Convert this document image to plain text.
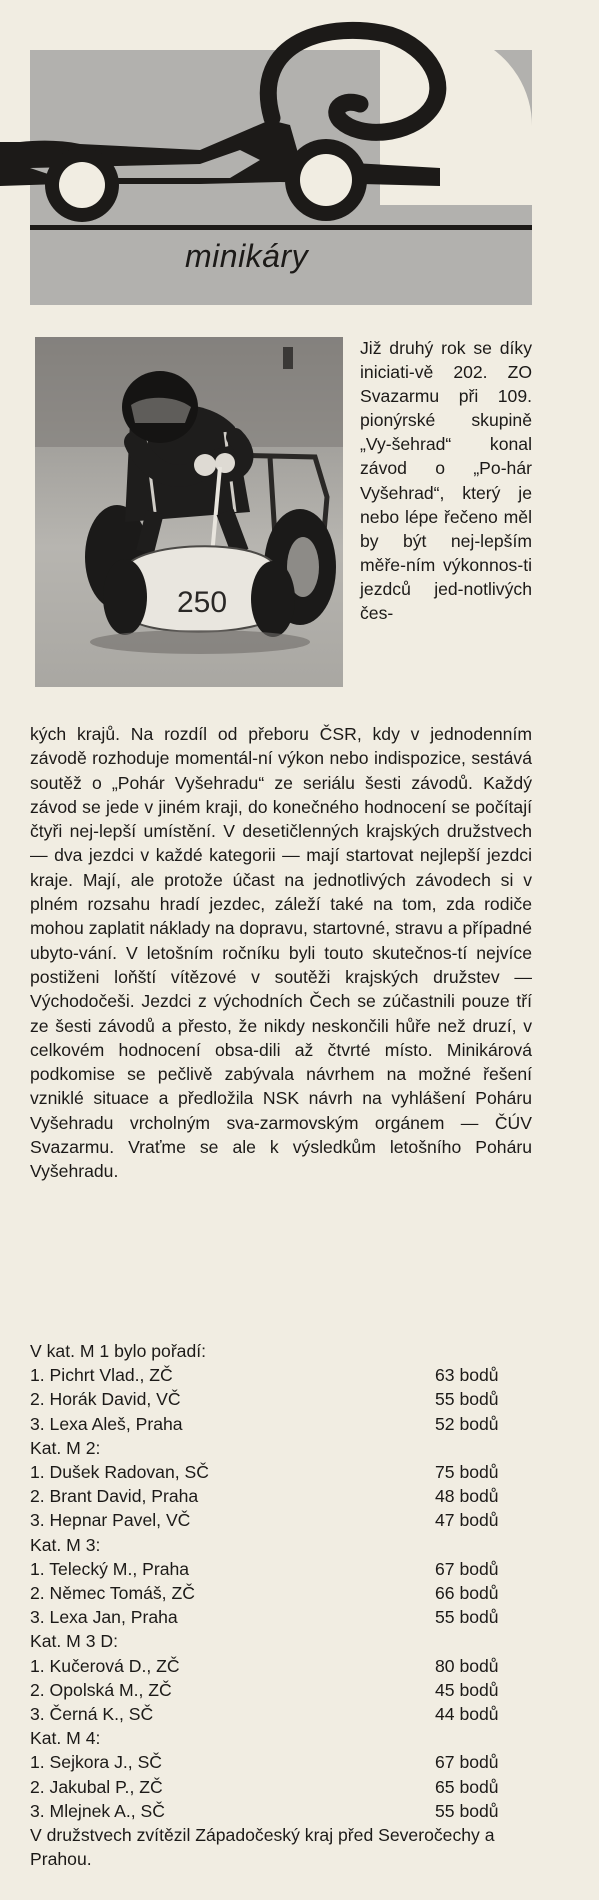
minikáry
250

Již druhý rok se díky iniciati-vě 202. ZO Svazarmu při 109. pionýrské skupině „Vy-šehrad“ konal závod o „Po-hár Vyšehrad“, který je nebo lépe řečeno měl by být nej-lepším měře-ním výkonnos-ti jezdců jed-notlivých čes-

kých krajů. Na rozdíl od přeboru ČSR, kdy v jednodenním závodě rozhoduje momentál-ní výkon nebo indispozice, sestává soutěž o „Pohár Vyšehradu“ ze seriálu šesti závodů. Každý závod se jede v jiném kraji, do konečného hodnocení se počítají čtyři nej-lepší umístění. V desetičlenných krajských družstvech — dva jezdci v každé kategorii — mají startovat nejlepší jezdci kraje. Mají, ale protože účast na jednotlivých závodech si v plném rozsahu hradí jezdec, záleží také na tom, zda rodiče mohou zaplatit náklady na dopravu, startovné, stravu a případné ubyto-vání. V letošním ročníku byli touto skutečnos-tí nejvíce postiženi loňští vítězové v soutěži krajských družstev — Východočeši. Jezdci z východních Čech se zúčastnili pouze tří ze šesti závodů a přesto, že nikdy neskončili hůře než druzí, v celkovém hodnocení obsa-dili až čtvrté místo. Minikárová podkomise se pečlivě zabývala návrhem na možné řešení vzniklé situace a předložila NSK návrh na vyhlášení Poháru Vyšehradu vrcholným sva-zarmovským orgánem — ČÚV Svazarmu. Vraťme se ale k výsledkům letošního Poháru Vyšehradu.

V kat. M 1 bylo pořadí:

1. Pichrt Vlad., ZČ	63 bodů
2. Horák David, VČ	55 bodů
3. Lexa Aleš, Praha	52 bodů

Kat. M 2:

1. Dušek Radovan, SČ	75 bodů
2. Brant David, Praha	48 bodů
3. Hepnar Pavel, VČ	47 bodů

Kat. M 3:

1. Telecký M., Praha	67 bodů
2. Němec Tomáš, ZČ	66 bodů
3. Lexa Jan, Praha	55 bodů

Kat. M 3 D:

1. Kučerová D., ZČ	80 bodů
2. Opolská M., ZČ	45 bodů
3. Černá K., SČ	44 bodů

Kat. M 4:

1. Sejkora J., SČ	67 bodů
2. Jakubal P., ZČ	65 bodů
3. Mlejnek A., SČ	55 bodů

V družstvech zvítězil Západočeský kraj před Severočechy a Prahou.
